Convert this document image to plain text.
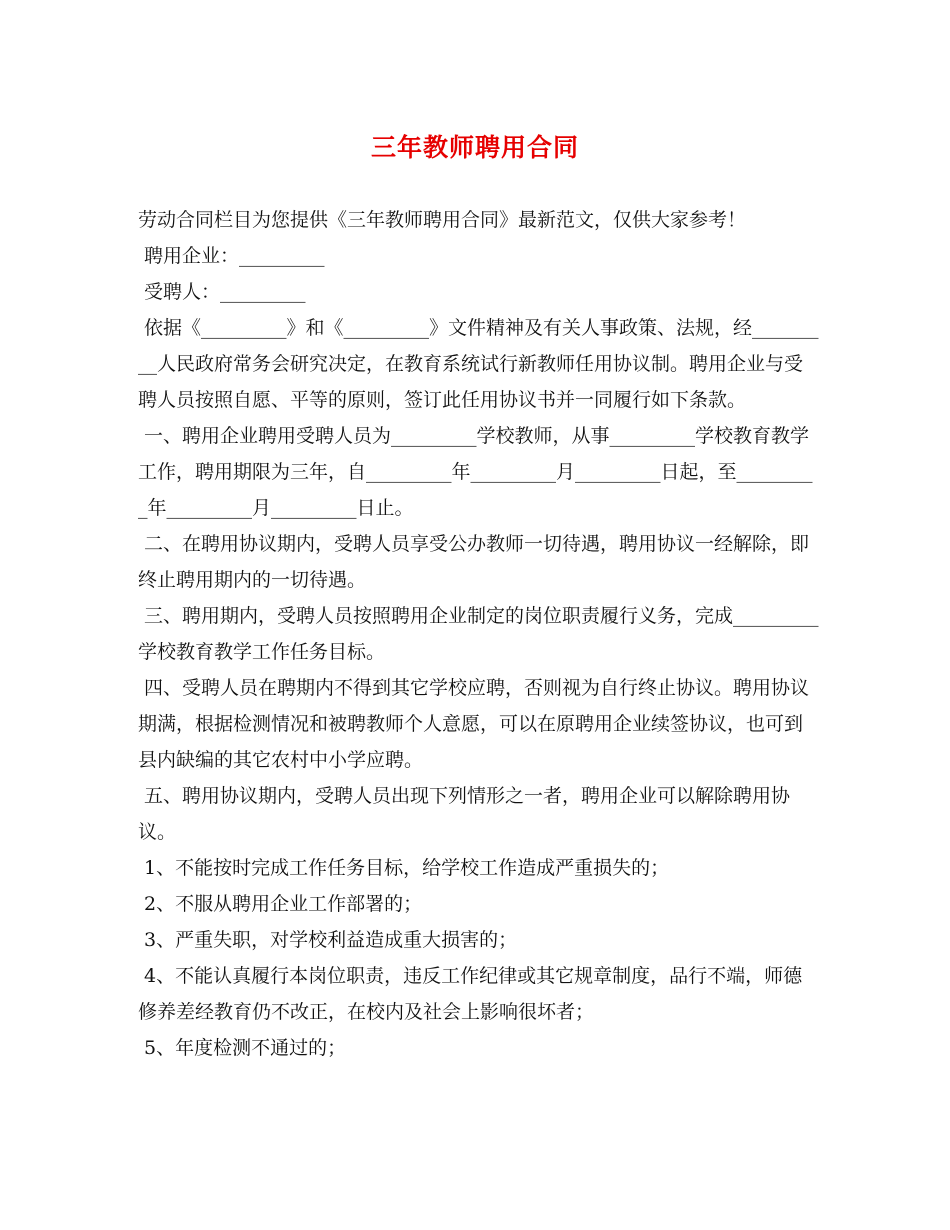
三年教师聘用合同

劳动合同栏目为您提供《三年教师聘用合同》最新范文，仅供大家参考！

聘用企业：_________

受聘人：_________

依据《_________》和《_________》文件精神及有关人事政策、法规，经_________人民政府常务会研究决定，在教育系统试行新教师任用协议制。聘用企业与受聘人员按照自愿、平等的原则，签订此任用协议书并一同履行如下条款。

一、聘用企业聘用受聘人员为_________学校教师，从事_________学校教育教学工作，聘用期限为三年，自_________年_________月_________日起，至_________年_________月_________日止。

二、在聘用协议期内，受聘人员享受公办教师一切待遇，聘用协议一经解除，即终止聘用期内的一切待遇。

三、聘用期内，受聘人员按照聘用企业制定的岗位职责履行义务，完成_________学校教育教学工作任务目标。

四、受聘人员在聘期内不得到其它学校应聘，否则视为自行终止协议。聘用协议期满，根据检测情况和被聘教师个人意愿，可以在原聘用企业续签协议，也可到县内缺编的其它农村中小学应聘。

五、聘用协议期内，受聘人员出现下列情形之一者，聘用企业可以解除聘用协议。

1、不能按时完成工作任务目标，给学校工作造成严重损失的；

2、不服从聘用企业工作部署的；

3、严重失职，对学校利益造成重大损害的；

4、不能认真履行本岗位职责，违反工作纪律或其它规章制度，品行不端，师德修养差经教育仍不改正，在校内及社会上影响很坏者；

5、年度检测不通过的；
